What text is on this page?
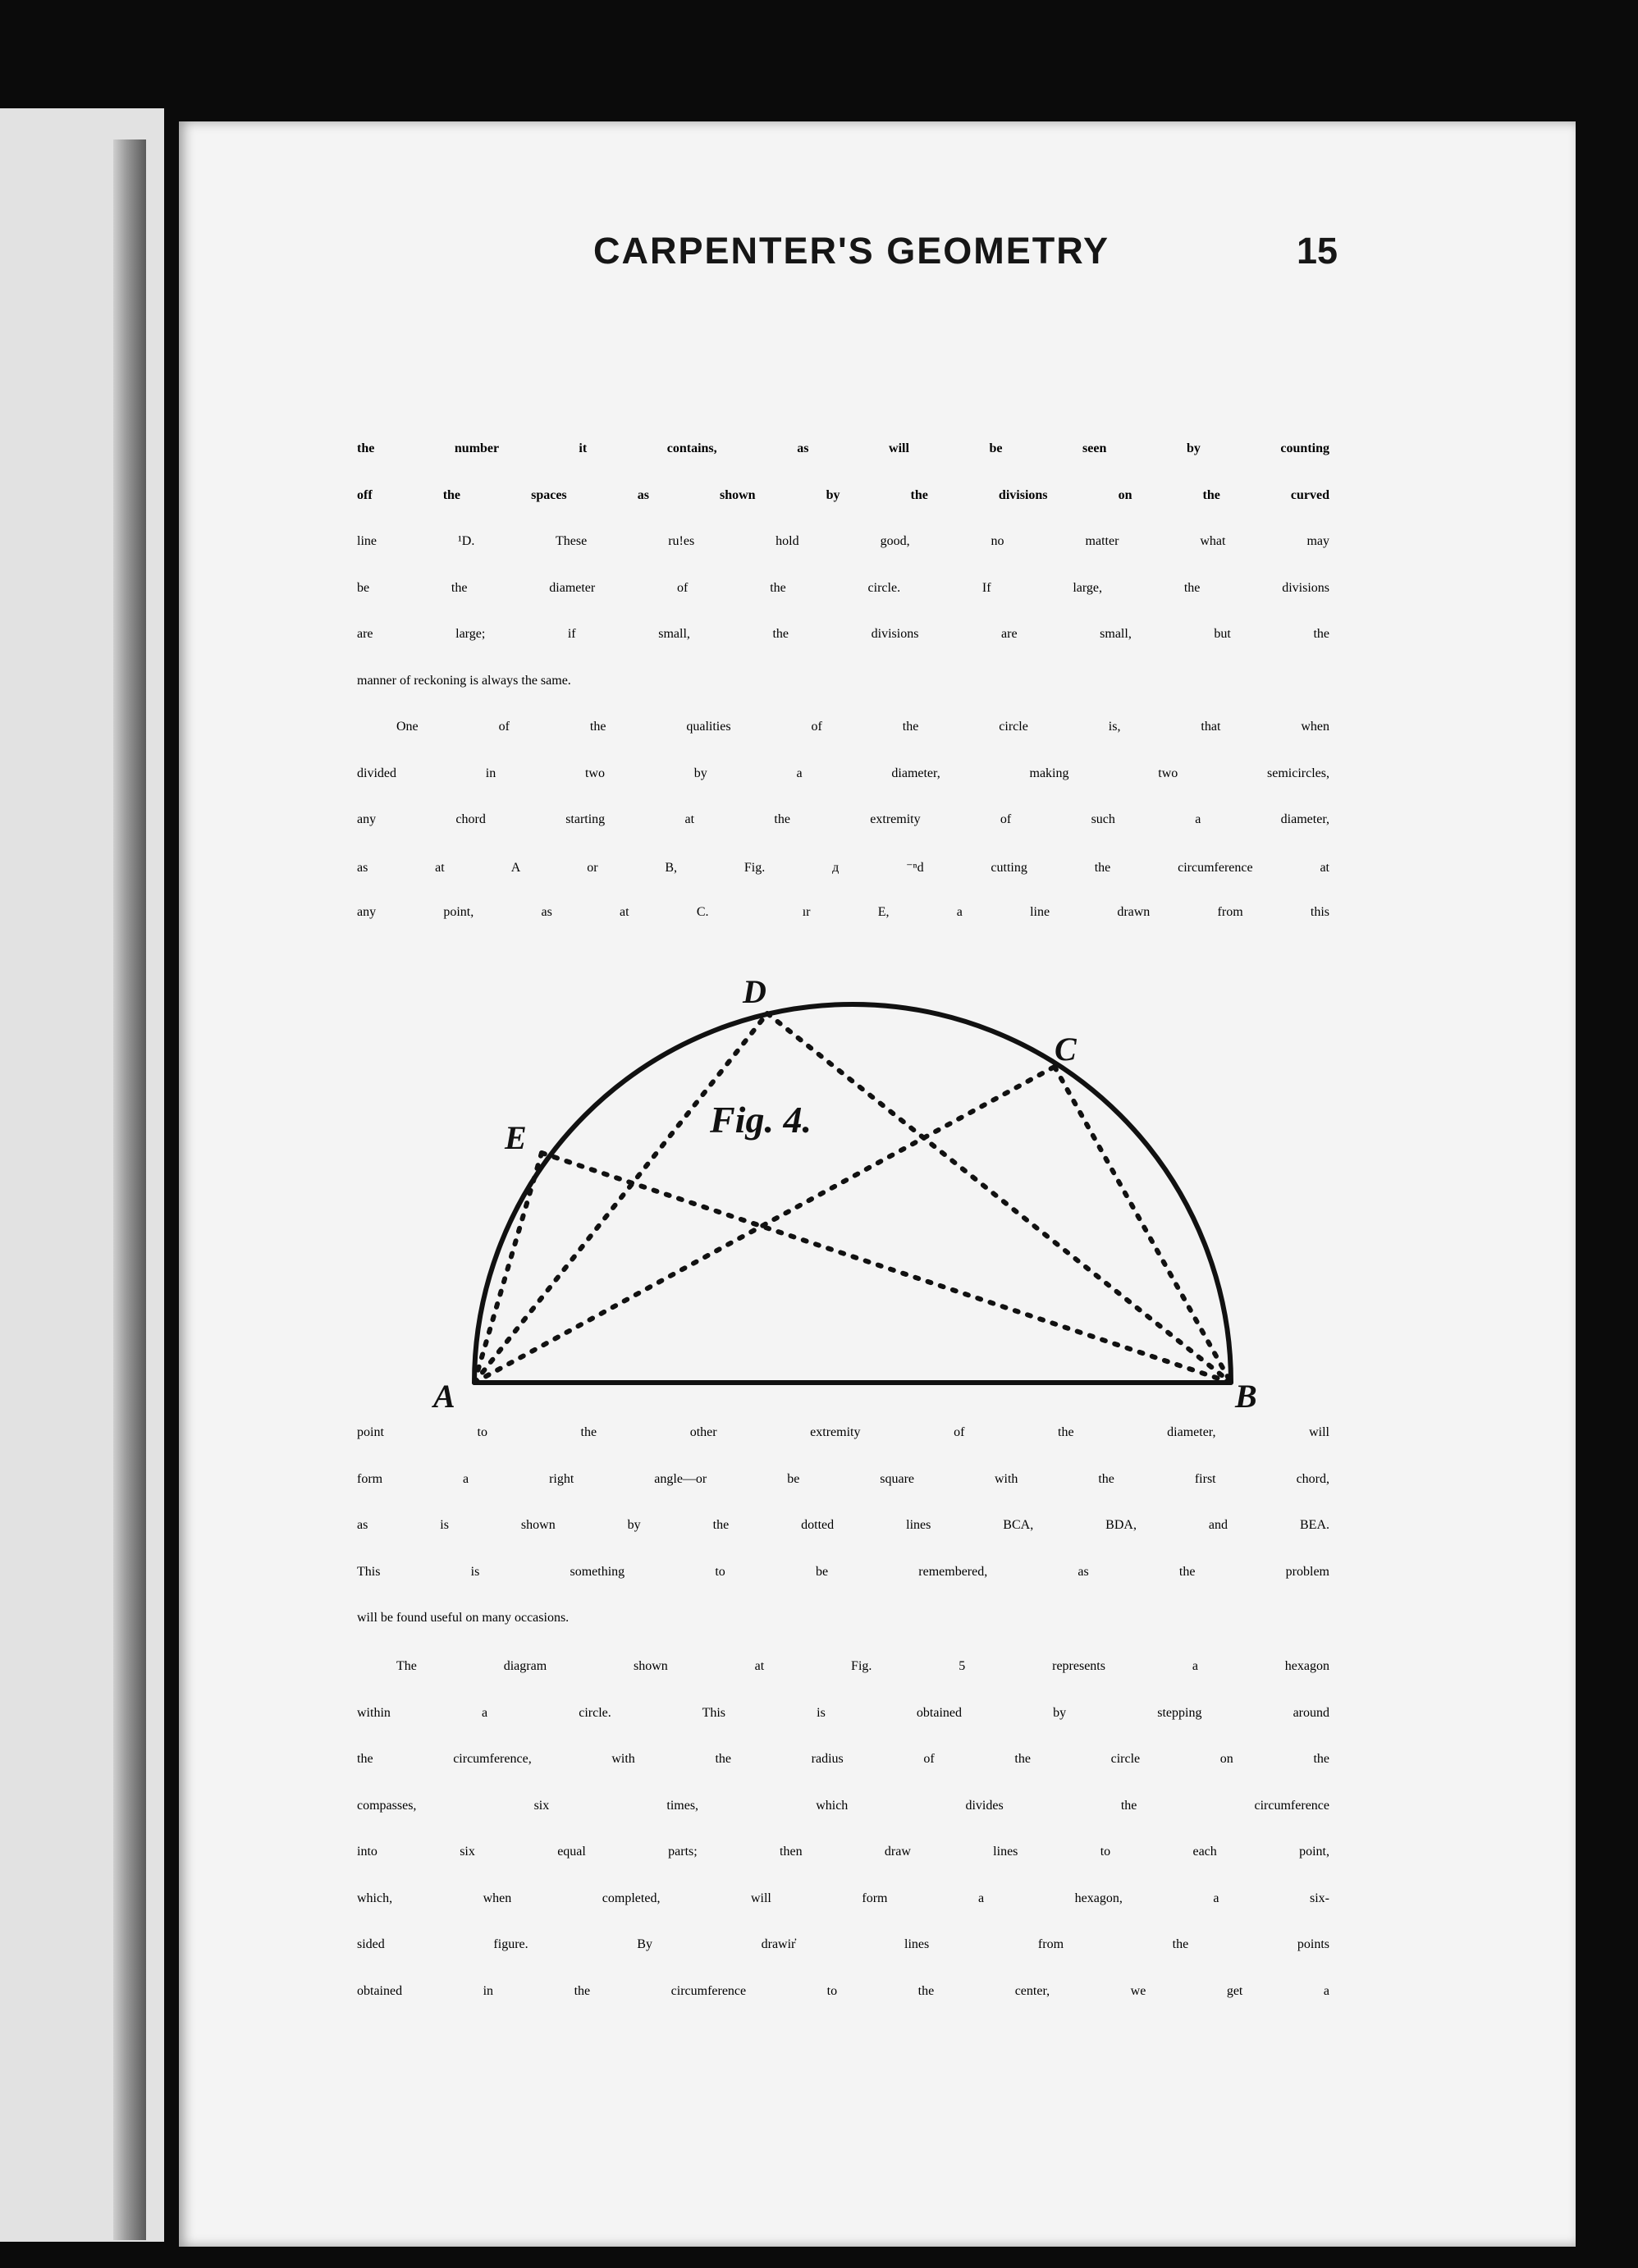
CARPENTER'S GEOMETRY	15
the number it contains, as will be seen by counting
off the spaces as shown by the divisions on the curved
line ¹D. These ru!es hold good, no matter what may
be the diameter of the circle. If large, the divisions
are large; if small, the divisions are small, but the
manner of reckoning is always the same.
One of the qualities of the circle is, that when
divided in two by a diameter, making two semicircles,
any chord starting at the extremity of such a diameter,
as at A or B, Fig. д ⁻ⁿd cutting the circumference at
any point, as at C.   ır E, a line drawn from this
A	B
C
D
E	Fig. 4.
point to the other extremity of the diameter, will
form a right angle—or be square with the first chord,
as is shown by the dotted lines BCA, BDA, and BEA.
This is something to be remembered, as the problem
will be found useful on many occasions.
The diagram shown at Fig. 5 represents a hexagon
within a circle. This is obtained by stepping around
the circumference, with the radius of the circle on the
compasses, six times, which divides the circumference
into six equal parts; then draw lines to each point,
which, when completed, will form a hexagon, a six-
sided figure. By drawir̓ lines from the points
obtained in the circumference to the center, we get a
